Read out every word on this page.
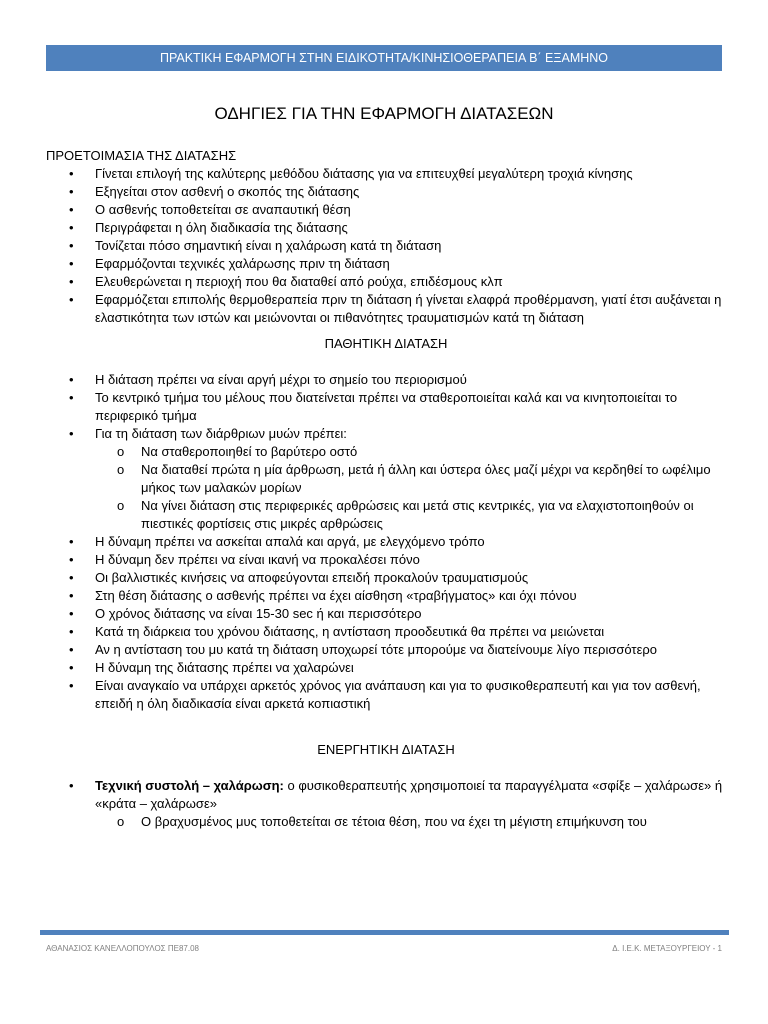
ΠΡΑΚΤΙΚΗ ΕΦΑΡΜΟΓΗ ΣΤΗΝ ΕΙΔΙΚΟΤΗΤΑ/ΚΙΝΗΣΙΟΘΕΡΑΠΕΙΑ Β΄ ΕΞΑΜΗΝΟ
ΟΔΗΓΙΕΣ ΓΙΑ ΤΗΝ ΕΦΑΡΜΟΓΗ ΔΙΑΤΑΣΕΩΝ
ΠΡΟΕΤΟΙΜΑΣΙΑ ΤΗΣ ΔΙΑΤΑΣΗΣ
• Γίνεται επιλογή της καλύτερης μεθόδου διάτασης για να επιτευχθεί μεγαλύτερη τροχιά κίνησης
• Εξηγείται στον ασθενή ο σκοπός της διάτασης
• Ο ασθενής τοποθετείται σε αναπαυτική θέση
• Περιγράφεται η όλη διαδικασία της διάτασης
• Τονίζεται πόσο σημαντική είναι η χαλάρωση κατά τη διάταση
• Εφαρμόζονται τεχνικές χαλάρωσης πριν τη διάταση
• Ελευθερώνεται η περιοχή που θα διαταθεί από ρούχα, επιδέσμους κλπ
• Εφαρμόζεται επιπολής θερμοθεραπεία πριν τη διάταση ή γίνεται ελαφρά προθέρμανση, γιατί έτσι αυξάνεται η ελαστικότητα των ιστών και μειώνονται οι πιθανότητες τραυματισμών κατά τη διάταση
ΠΑΘΗΤΙΚΗ ΔΙΑΤΑΣΗ
• Η διάταση πρέπει να είναι αργή μέχρι το σημείο του περιορισμού
• Το κεντρικό τμήμα του μέλους που διατείνεται πρέπει να σταθεροποιείται καλά και να κινητοποιείται το περιφερικό τμήμα
• Για τη διάταση των διάρθριων μυών πρέπει:
o Να σταθεροποιηθεί το βαρύτερο οστό
o Να διαταθεί πρώτα η μία άρθρωση, μετά ή άλλη και ύστερα όλες μαζί μέχρι να κερδηθεί το ωφέλιμο μήκος των μαλακών μορίων
o Να γίνει διάταση στις περιφερικές αρθρώσεις και μετά στις κεντρικές, για να ελαχιστοποιηθούν οι πιεστικές φορτίσεις στις μικρές αρθρώσεις
• Η δύναμη πρέπει να ασκείται απαλά και αργά, με ελεγχόμενο τρόπο
• Η δύναμη δεν πρέπει να είναι ικανή να προκαλέσει πόνο
• Οι βαλλιστικές κινήσεις να αποφεύγονται επειδή προκαλούν τραυματισμούς
• Στη θέση διάτασης ο ασθενής πρέπει να έχει αίσθηση «τραβήγματος» και όχι πόνου
• Ο χρόνος διάτασης να είναι 15-30 sec ή και περισσότερο
• Κατά τη διάρκεια του χρόνου διάτασης, η αντίσταση προοδευτικά θα πρέπει να μειώνεται
• Αν η αντίσταση του μυ κατά τη διάταση υποχωρεί τότε μπορούμε να διατείνουμε λίγο περισσότερο
• Η δύναμη της διάτασης πρέπει να χαλαρώνει
• Είναι αναγκαίο να υπάρχει αρκετός χρόνος για ανάπαυση και για το φυσικοθεραπευτή και για τον ασθενή, επειδή η όλη διαδικασία είναι αρκετά κοπιαστική
ΕΝΕΡΓΗΤΙΚΗ ΔΙΑΤΑΣΗ
• Τεχνική συστολή – χαλάρωση: ο φυσικοθεραπευτής χρησιμοποιεί τα παραγγέλματα «σφίξε – χαλάρωσε» ή «κράτα – χαλάρωσε»
o Ο βραχυσμένος μυς τοποθετείται σε τέτοια θέση, που να έχει τη μέγιστη επιμήκυνση του
ΑΘΑΝΑΣΙΟΣ ΚΑΝΕΛΛΟΠΟΥΛΟΣ ΠΕ87.08	Δ. Ι.Ε.Κ. ΜΕΤΑΞΟΥΡΓΕΙΟΥ - 1
